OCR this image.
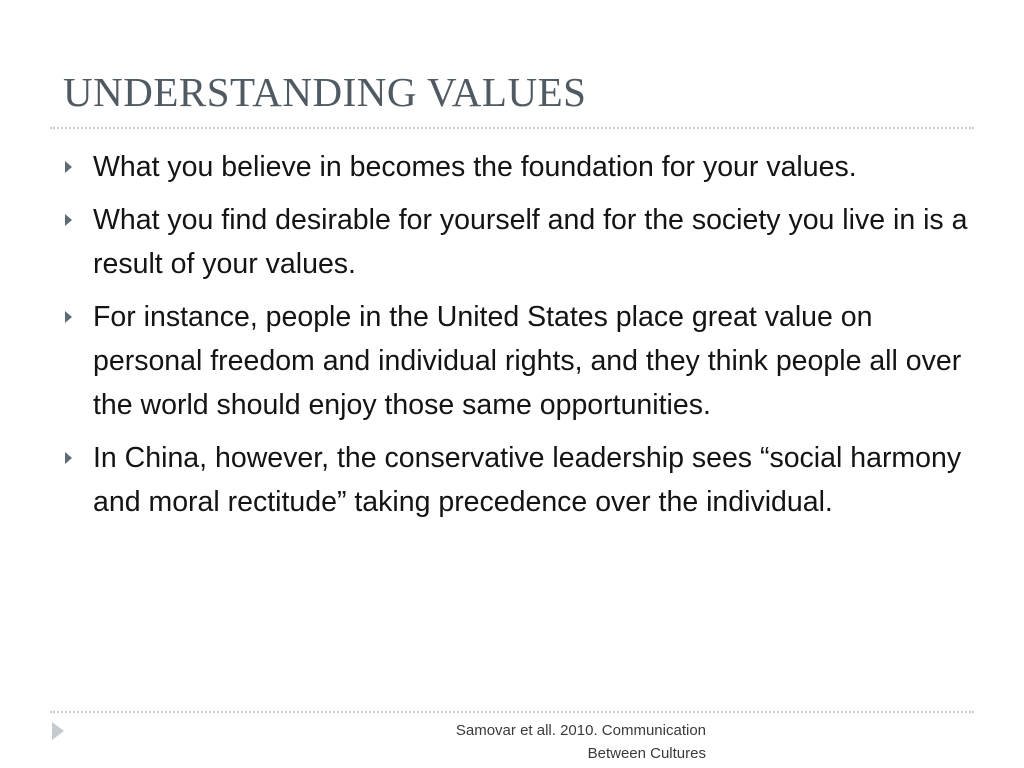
UNDERSTANDING VALUES
What you believe in becomes the foundation for your values.
What you find desirable for yourself and for the society you live in is a result of your values.
For instance, people in the United States place great value on personal freedom and individual rights, and they think people all over the world should enjoy those same opportunities.
In China, however, the conservative leadership sees “social harmony and moral rectitude” taking precedence over the individual.
Samovar et all. 2010. Communication
Between Cultures
